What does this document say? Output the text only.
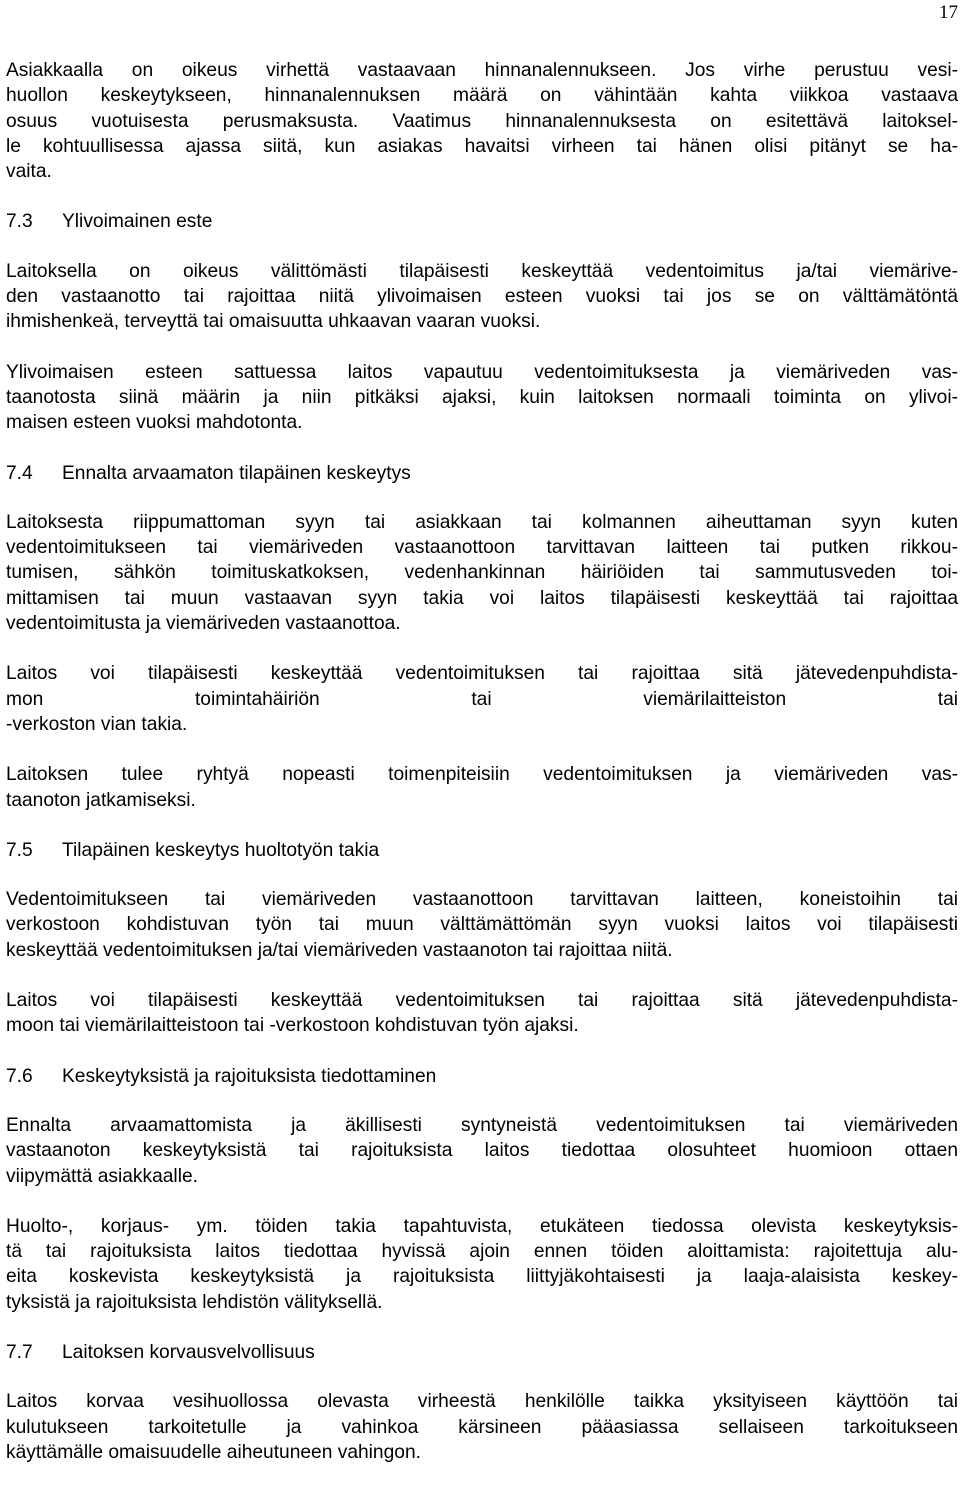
17
Asiakkaalla on oikeus virhettä vastaavaan hinnanalennukseen. Jos virhe perustuu vesi-
huollon keskeytykseen, hinnanalennuksen määrä on vähintään kahta viikkoa vastaava
osuus vuotuisesta perusmaksusta. Vaatimus hinnanalennuksesta on esitettävä laitoksel-
le kohtuullisessa ajassa siitä, kun asiakas havaitsi virheen tai hänen olisi pitänyt se ha-
vaita.
7.3 Ylivoimainen este
Laitoksella on oikeus välittömästi tilapäisesti keskeyttää vedentoimitus ja/tai viemärive-
den vastaanotto tai rajoittaa niitä ylivoimaisen esteen vuoksi tai jos se on välttämätöntä
ihmishenkeä, terveyttä tai omaisuutta uhkaavan vaaran vuoksi.
Ylivoimaisen esteen sattuessa laitos vapautuu vedentoimituksesta ja viemäriveden vas-
taanotosta siinä määrin ja niin pitkäksi ajaksi, kuin laitoksen normaali toiminta on ylivoi-
maisen esteen vuoksi mahdotonta.
7.4 Ennalta arvaamaton tilapäinen keskeytys
Laitoksesta riippumattoman syyn tai asiakkaan tai kolmannen aiheuttaman syyn kuten
vedentoimitukseen tai viemäriveden vastaanottoon tarvittavan laitteen tai putken rikkou-
tumisen, sähkön toimituskatkoksen, vedenhankinnan häiriöiden tai sammutusveden toi-
mittamisen tai muun vastaavan syyn takia voi laitos tilapäisesti keskeyttää tai rajoittaa
vedentoimitusta ja viemäriveden vastaanottoa.
Laitos voi tilapäisesti keskeyttää vedentoimituksen tai rajoittaa sitä jätevedenpuhdista-
mon toimintahäiriön tai viemärilaitteiston tai
-verkoston vian takia.
Laitoksen tulee ryhtyä nopeasti toimenpiteisiin vedentoimituksen ja viemäriveden vas-
taanoton jatkamiseksi.
7.5 Tilapäinen keskeytys huoltotyön takia
Vedentoimitukseen tai viemäriveden vastaanottoon tarvittavan laitteen, koneistoihin tai
verkostoon kohdistuvan työn tai muun välttämättömän syyn vuoksi laitos voi tilapäisesti
keskeyttää vedentoimituksen ja/tai viemäriveden vastaanoton tai rajoittaa niitä.
Laitos voi tilapäisesti keskeyttää vedentoimituksen tai rajoittaa sitä jätevedenpuhdista-
moon tai viemärilaitteistoon tai -verkostoon kohdistuvan työn ajaksi.
7.6 Keskeytyksistä ja rajoituksista tiedottaminen
Ennalta arvaamattomista ja äkillisesti syntyneistä vedentoimituksen tai viemäriveden
vastaanoton keskeytyksistä tai rajoituksista laitos tiedottaa olosuhteet huomioon ottaen
viipymättä asiakkaalle.
Huolto-, korjaus- ym. töiden takia tapahtuvista, etukäteen tiedossa olevista keskeytyksis-
tä tai rajoituksista laitos tiedottaa hyvissä ajoin ennen töiden aloittamista: rajoitettuja alu-
eita koskevista keskeytyksistä ja rajoituksista liittyjäkohtaisesti ja laaja-alaisista keskey-
tyksistä ja rajoituksista lehdistön välityksellä.
7.7 Laitoksen korvausvelvollisuus
Laitos korvaa vesihuollossa olevasta virheestä henkilölle taikka yksityiseen käyttöön tai
kulutukseen tarkoitetulle ja vahinkoa kärsineen pääasiassa sellaiseen tarkoitukseen
käyttämälle omaisuudelle aiheutuneen vahingon.
